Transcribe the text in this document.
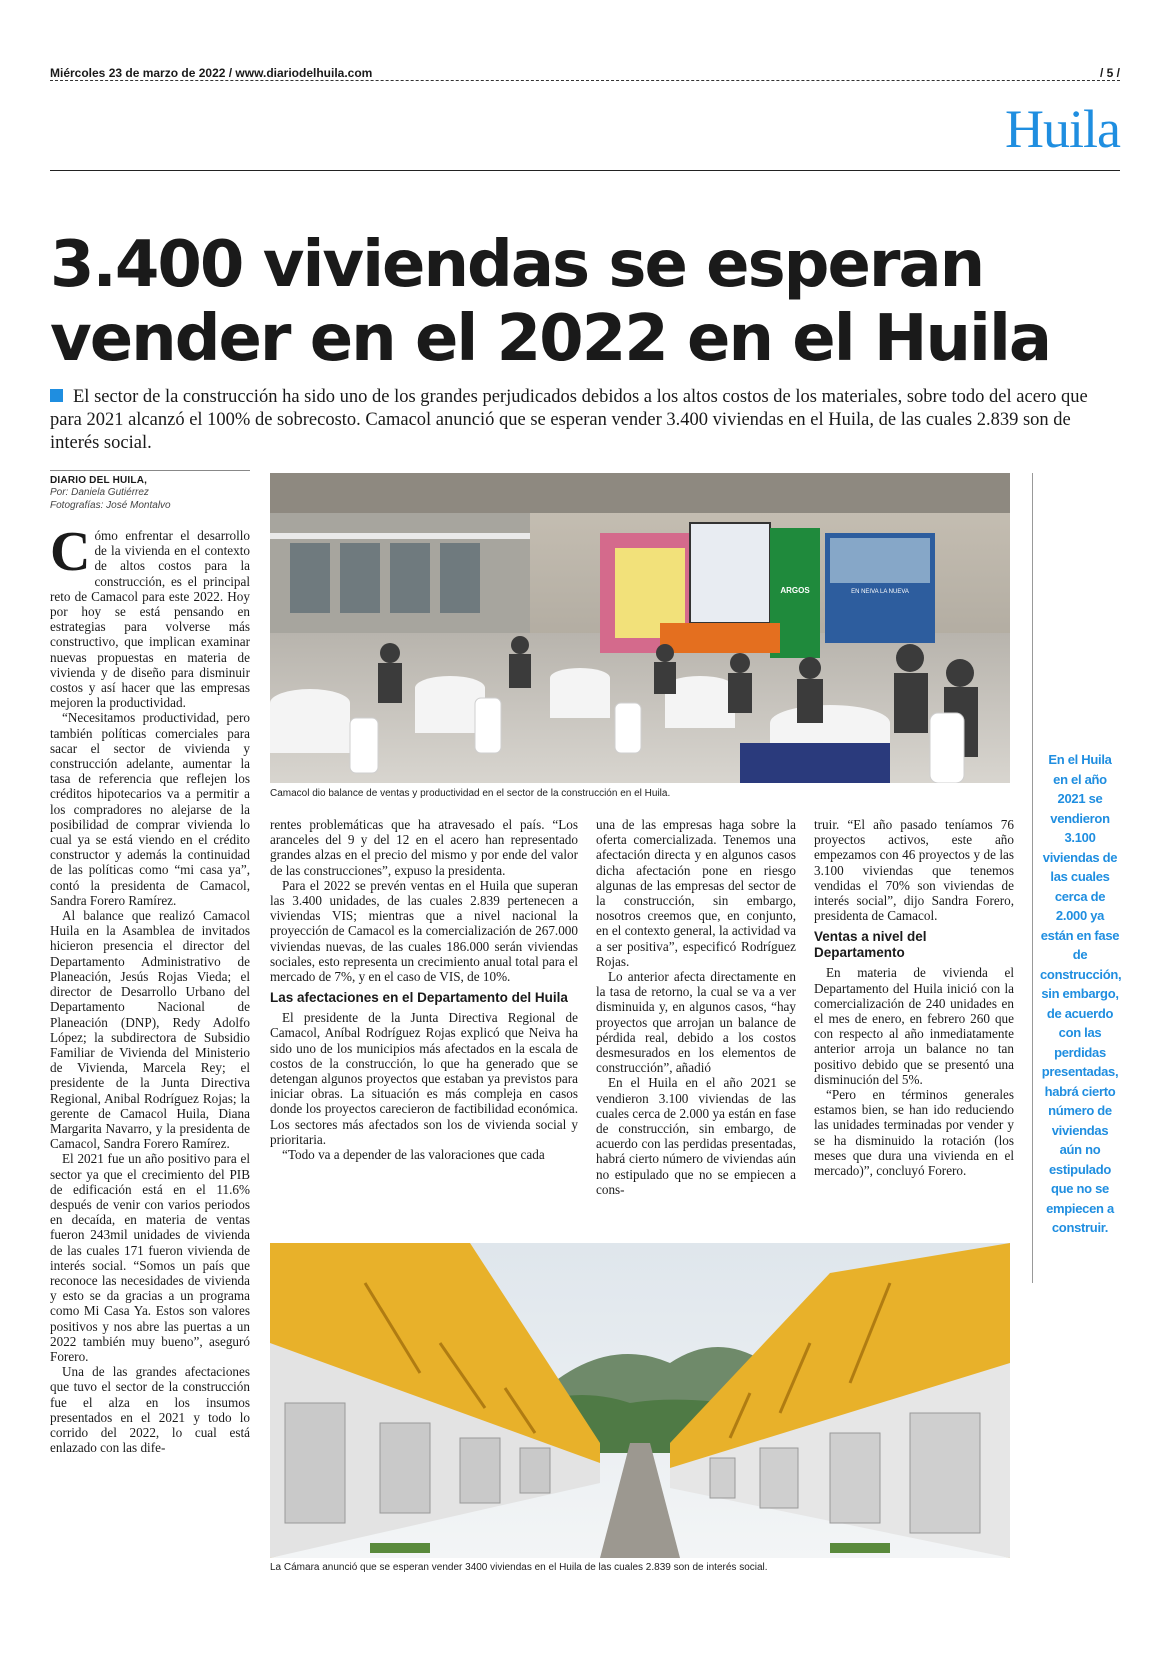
Miércoles 23 de marzo de 2022 / www.diariodelhuila.com	/ 5 /
Huila
3.400 viviendas se esperan
vender en el 2022 en el Huila
El sector de la construcción ha sido uno de los grandes perjudicados debidos a los altos costos de los materiales, sobre todo del acero que para 2021 alcanzó el 100% de sobrecosto. Camacol anunció que se esperan vender 3.400 viviendas en el Huila, de las cuales 2.839 son de interés social.
DIARIO DEL HUILA,
Por: Daniela Gutiérrez
Fotografías: José Montalvo

Cómo enfrentar el desarrollo de la vivienda en el contexto de altos costos para la construcción, es el principal reto de Camacol para este 2022. Hoy por hoy se está pensando en estrategias para volverse más constructivo, que implican examinar nuevas propuestas en materia de vivienda y de diseño para disminuir costos y así hacer que las empresas mejoren la productividad.

“Necesitamos productividad, pero también políticas comerciales para sacar el sector de vivienda y construcción adelante, aumentar la tasa de referencia que reflejen los créditos hipotecarios va a permitir a los compradores no alejarse de la posibilidad de comprar vivienda lo cual ya se está viendo en el crédito constructor y además la continuidad de las políticas como “mi casa ya”, contó la presidenta de Camacol, Sandra Forero Ramírez.

Al balance que realizó Camacol Huila en la Asamblea de invitados hicieron presencia el director del Departamento Administrativo de Planeación, Jesús Rojas Vieda; el director de Desarrollo Urbano del Departamento Nacional de Planeación (DNP), Redy Adolfo López; la subdirectora de Subsidio Familiar de Vivienda del Ministerio de Vivienda, Marcela Rey; el presidente de la Junta Directiva Regional, Anibal Rodríguez Rojas; la gerente de Camacol Huila, Diana Margarita Navarro, y la presidenta de Camacol, Sandra Forero Ramírez.

El 2021 fue un año positivo para el sector ya que el crecimiento del PIB de edificación está en el 11.6% después de venir con varios periodos en decaída, en materia de ventas fueron 243mil unidades de vivienda de las cuales 171 fueron vivienda de interés social. “Somos un país que reconoce las necesidades de vivienda y esto se da gracias a un programa como Mi Casa Ya. Estos son valores positivos y nos abre las puertas a un 2022 también muy bueno”, aseguró Forero.

Una de las grandes afectaciones que tuvo el sector de la construcción fue el alza en los insumos presentados en el 2021 y todo lo corrido del 2022, lo cual está enlazado con las dife-

ARGOS	EN NEIVA LA NUEVA
Camacol dio balance de ventas y productividad en el sector de la construcción en el Huila.

rentes problemáticas que ha atravesado el país. “Los aranceles del 9 y del 12 en el acero han representado grandes alzas en el precio del mismo y por ende del valor de las construcciones”, expuso la presidenta.

Para el 2022 se prevén ventas en el Huila que superan las 3.400 unidades, de las cuales 2.839 pertenecen a viviendas VIS; mientras que a nivel nacional la proyección de Camacol es la comercialización de 267.000 viviendas nuevas, de las cuales 186.000 serán viviendas sociales, esto representa un crecimiento anual total para el mercado de 7%, y en el caso de VIS, de 10%.

Las afectaciones en el Departamento del Huila

El presidente de la Junta Directiva Regional de Camacol, Aníbal Rodríguez Rojas explicó que Neiva ha sido uno de los municipios más afectados en la escala de costos de la construcción, lo que ha generado que se detengan algunos proyectos que estaban ya previstos para iniciar obras. La situación es más compleja en casos donde los proyectos carecieron de factibilidad económica. Los sectores más afectados son los de vivienda social y prioritaria.

“Todo va a depender de las valoraciones que cada

una de las empresas haga sobre la oferta comercializada. Tenemos una afectación directa y en algunos casos dicha afectación pone en riesgo algunas de las empresas del sector de la construcción, sin embargo, nosotros creemos que, en conjunto, en el contexto general, la actividad va a ser positiva”, especificó Rodríguez Rojas.

Lo anterior afecta directamente en la tasa de retorno, la cual se va a ver disminuida y, en algunos casos, “hay proyectos que arrojan un balance de pérdida real, debido a los costos desmesurados en los elementos de construcción”, añadió

En el Huila en el año 2021 se vendieron 3.100 viviendas de las cuales cerca de 2.000 ya están en fase de construcción, sin embargo, de acuerdo con las perdidas presentadas, habrá cierto número de viviendas aún no estipulado que no se empiecen a cons-

truir. “El año pasado teníamos 76 proyectos activos, este año empezamos con 46 proyectos y de las 3.100 viviendas que tenemos vendidas el 70% son viviendas de interés social”, dijo Sandra Forero, presidenta de Camacol.

Ventas a nivel del Departamento

En materia de vivienda el Departamento del Huila inició con la comercialización de 240 unidades en el mes de enero, en febrero 260 que con respecto al año inmediatamente anterior arroja un balance no tan positivo debido que se presentó una disminución del 5%.

“Pero en términos generales estamos bien, se han ido reduciendo las unidades terminadas por vender y se ha disminuido la rotación (los meses que dura una vivienda en el mercado)”, concluyó Forero.

La Cámara anunció que se esperan vender 3400 viviendas en el Huila de las cuales 2.839 son de interés social.
En el Huila en el año 2021 se vendieron 3.100 viviendas de las cuales cerca de 2.000 ya están en fase de construcción, sin embargo, de acuerdo con las perdidas presentadas, habrá cierto número de viviendas aún no estipulado que no se empiecen a construir.
